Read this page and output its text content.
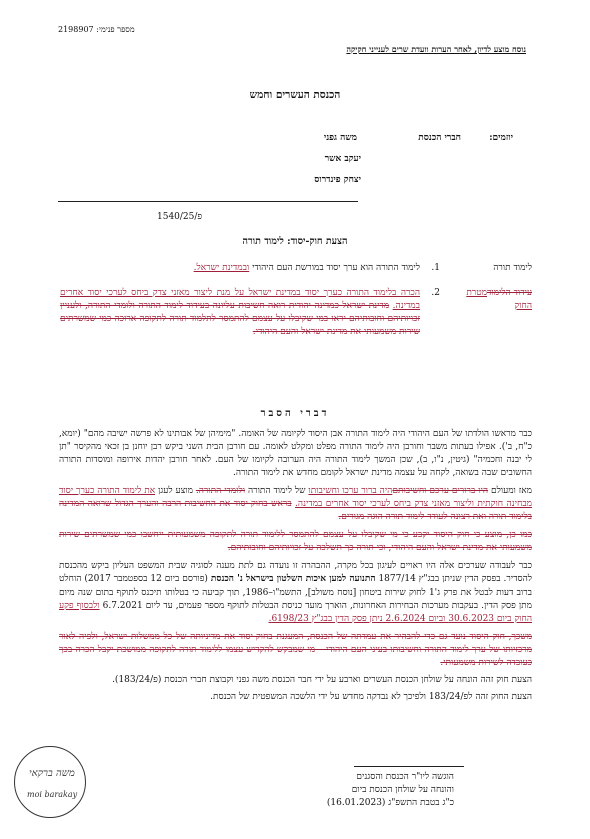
מספר פנימי: 2198907
נוסח מוצע לדיון, לאחר הערות וועדת שרים לענייני חקיקה
הכנסת העשרים וחמש
יוזמים:
חברי הכנסת
משה גפני
יעקב אשר
יצחק פינדרוס
פ/1540/25
הצעת חוק-יסוד: לימוד תורה
לימוד תורה
1.
לימוד התורה הוא ערך יסוד במורשת העם היהודי ובמדינת ישראל.
עידוד הלימודמטרת
החוק
2.

הכרה בלימוד התורה כערך יסוד במדינת ישראל על מנת ליצור מאזני צדק ביחס לערכי יסוד אחרים במדינה. מדינת ישראל כמדינה יהודית רואה חשיבות עליונה בעידוד לימוד התורה ולומדי התורה, ולעניין זכויותיהם וחובותיהם יראו במי שקיבלו על עצמם להתמסר לתלמוד תורה לתקופה ארוכה כמי שמשרתים שירות משמעותי את מדינת ישראל והעם היהודי.

דברי הסבר

כבר מראשו הולדתו של העם היהודי היה לימוד התורה אבן היסוד לקיומה של האומה. "מימיהן של אבותינו לא פרשה ישיבה מהם" (יומא, כ"ח, ב'). אפילו בעתות משבר וחורבן היה לימוד התורה מפלט ומקלט לאומה. עם חורבן הבית השני ביקש רבן יוחנן בן זכאי מהקיסר "תן לי יבנה וחכמיה" (גיטין, נ"ו, ב), שכן המשך לימוד התורה היה הערובה לקיומו של העם. לאחר חורבן יהדות אירופה ומוסדות התורה החשובים שבה בשואה, לקחה על עצמה מדינת ישראל לקומם מחדש את לימוד התורה.

מאז ומעולם היו ברורים ערכם וחשיבותםהיה ברור ערכו וחשיבותו של לימוד התורה ולומדי התורה. מוצע לעגן את לימוד התורה כערך יסוד מבחינה חוקתית וליצור מאזני צדק ביחס לערכי יסוד אחרים במדינה. בראש בחוק-יסוד את החשיבות הרבה והערך הגדול שרואה המדינה בלימוד תורה ואת רצונה לעודד לימוד תורה הוגה מגורים.

כמו כן, מוצע כי חוק היסוד יקבע כי מי שקיבלו על עצמם להתמסר ללימוד תורה לתקופה משמעותית ייחשבו כמי שמשרתים שירות משמעותי את מדינת ישראל והעם היהודי, וכי תורה כך תשלכה על זכויותיהם וחובותיהם.

כבר לעבודה שערכים אלה היו ראויים לעיגון בכל מקרה, ההבהרה זו נועדה גם לתת מענה לסוגיה שבית המשפט העליון ביקש מהכנסת להסדיר. בפסק הדין שניתן בבג"ץ 1877/14 התנועה למען איכות השלטון בישראל נ' הכנסת (פורסם ביום 12 בספטמבר 2017) הוחלט ברוב דעות לבטל את פרק ג'1 לחוק שירות ביטחון [נוסח משולב], התשמ"ו–1986, תוך קביעה כי בטלותו תיכנס לתוקף בתום שנה מיום מתן פסק הדין. בעקבות מערכות הבחירות האחרונות, הוארך מועד כניסת הבטלות לתוקף מספר פעמים, עד ליום 6.7.2021 ולבסוף פקע החוק ביום 30.6.2023 וביום 2.6.2024 ניתן פסק הדין בבג"ץ 6198/23.

משכך, חוק היסוד נועד גם כדי להבהיר את עמדתה של הכנסת, המעגנת בחוק-יסוד את מדיניותה של כל ממשלות ישראל, ולפיה לאור מרכזיותו של ערך לימוד התורה וחשיבותו בעיני העם היהודי – מי שמבקש להקדיש עצמו ללימוד תורה לתקופה ממושכת יקבל הכרה בכך כעובדה לשירות משמעותי.

הצעת חוק זהה הונחה על שולחן הכנסת העשרים וארבע על ידי חבר הכנסת משה גפני וקבוצת חברי הכנסת (פ/183/24).

הצעת החוק זהה לפ/183/24 ולפיכך לא נבדקה מחדש על ידי הלשכה המשפטית של הכנסת.

הוגשה ליו"ר הכנסת והסגנים
והונחה על שולחן הכנסת ביום
כ"ג בטבת התשפ"ג (16.01.2023)
משה ברקאי
moi barakay
